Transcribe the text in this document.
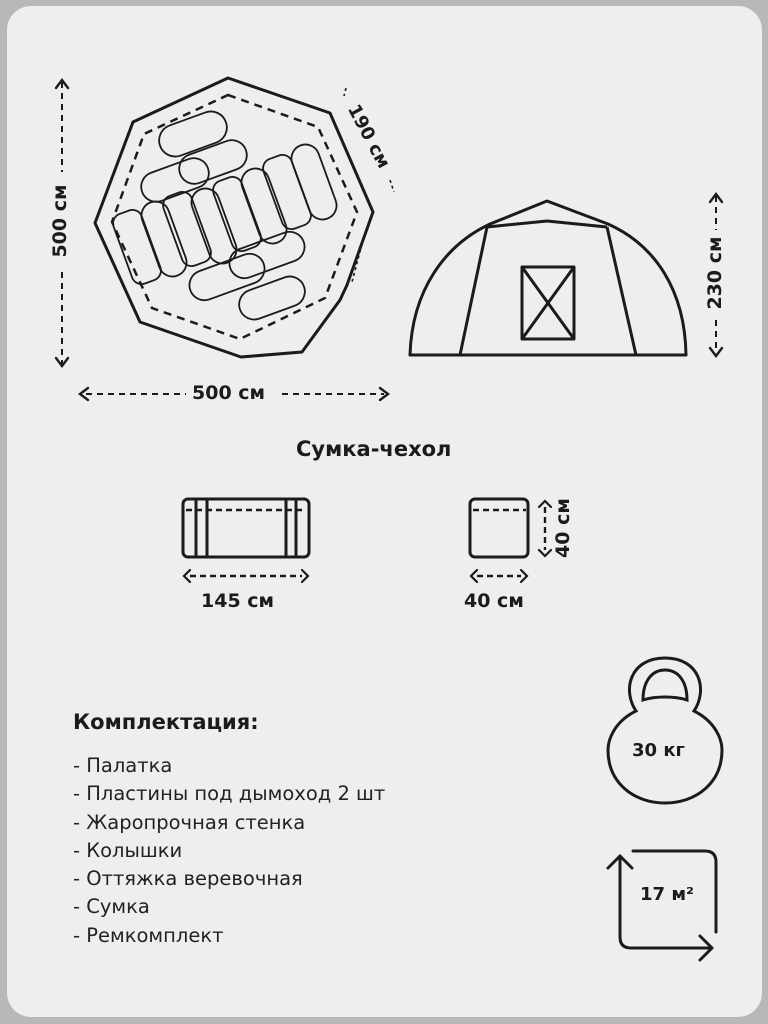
500 см
500 см
190 см
230 см
Сумка-чехол
145 см	40 см
40 см
Комплектация:
- Палатка
- Пластины под дымоход 2 шт
- Жаропрочная стенка
- Колышки
- Оттяжка веревочная
- Сумка
- Ремкомплект
30 кг
17 м²
